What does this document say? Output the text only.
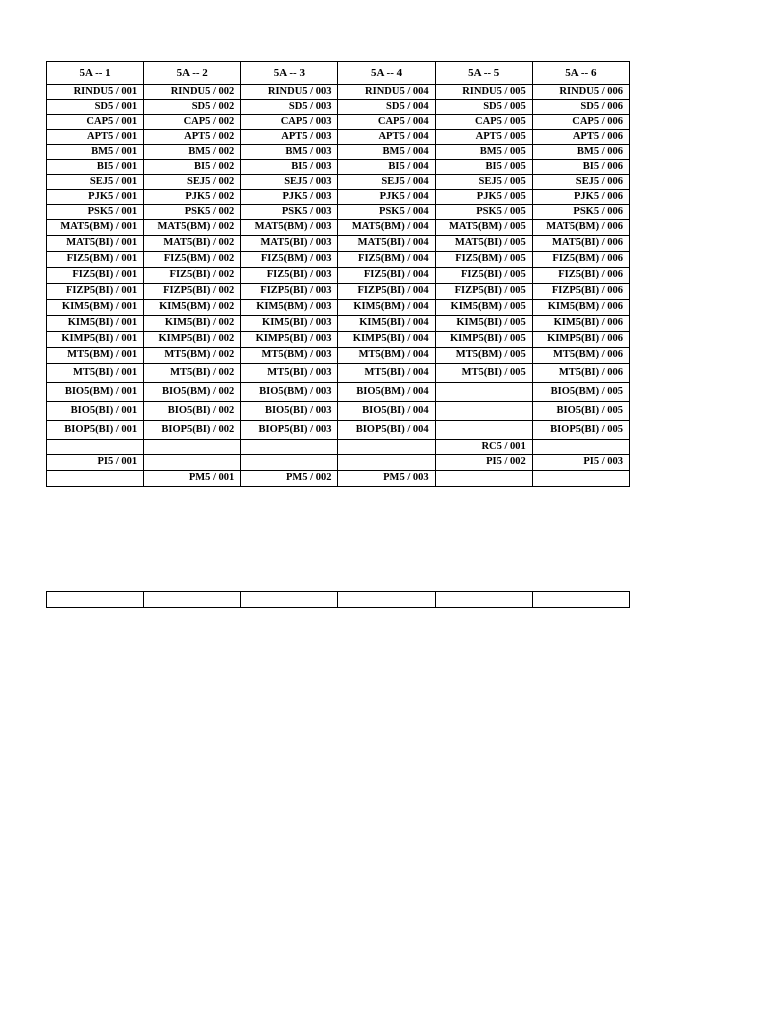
5A -- 1	5A -- 2	5A -- 3	5A -- 4	5A -- 5	5A -- 6
RINDU5 / 001	RINDU5 / 002	RINDU5 / 003	RINDU5 / 004	RINDU5 / 005	RINDU5 / 006
SD5 / 001	SD5 / 002	SD5 / 003	SD5 / 004	SD5 / 005	SD5 / 006
CAP5 / 001	CAP5 / 002	CAP5 / 003	CAP5 / 004	CAP5 / 005	CAP5 / 006
APT5 / 001	APT5 / 002	APT5 / 003	APT5 / 004	APT5 / 005	APT5 / 006
BM5 / 001	BM5 / 002	BM5 / 003	BM5 / 004	BM5 / 005	BM5 / 006
BI5 / 001	BI5 / 002	BI5 / 003	BI5 / 004	BI5 / 005	BI5 / 006
SEJ5 / 001	SEJ5 / 002	SEJ5 / 003	SEJ5 / 004	SEJ5 / 005	SEJ5 / 006
PJK5 / 001	PJK5 / 002	PJK5 / 003	PJK5 / 004	PJK5 / 005	PJK5 / 006
PSK5 / 001	PSK5 / 002	PSK5 / 003	PSK5 / 004	PSK5 / 005	PSK5 / 006
MAT5(BM) / 001	MAT5(BM) / 002	MAT5(BM) / 003	MAT5(BM) / 004	MAT5(BM) / 005	MAT5(BM) / 006
MAT5(BI) / 001	MAT5(BI) / 002	MAT5(BI) / 003	MAT5(BI) / 004	MAT5(BI) / 005	MAT5(BI) / 006
FIZ5(BM) / 001	FIZ5(BM) / 002	FIZ5(BM) / 003	FIZ5(BM) / 004	FIZ5(BM) / 005	FIZ5(BM) / 006
FIZ5(BI) / 001	FIZ5(BI) / 002	FIZ5(BI) / 003	FIZ5(BI) / 004	FIZ5(BI) / 005	FIZ5(BI) / 006
FIZP5(BI) / 001	FIZP5(BI) / 002	FIZP5(BI) / 003	FIZP5(BI) / 004	FIZP5(BI) / 005	FIZP5(BI) / 006
KIM5(BM) / 001	KIM5(BM) / 002	KIM5(BM) / 003	KIM5(BM) / 004	KIM5(BM) / 005	KIM5(BM) / 006
KIM5(BI) / 001	KIM5(BI) / 002	KIM5(BI) / 003	KIM5(BI) / 004	KIM5(BI) / 005	KIM5(BI) / 006
KIMP5(BI) / 001	KIMP5(BI) / 002	KIMP5(BI) / 003	KIMP5(BI) / 004	KIMP5(BI) / 005	KIMP5(BI) / 006
MT5(BM) / 001	MT5(BM) / 002	MT5(BM) / 003	MT5(BM) / 004	MT5(BM) / 005	MT5(BM) / 006
MT5(BI) / 001	MT5(BI) / 002	MT5(BI) / 003	MT5(BI) / 004	MT5(BI) / 005	MT5(BI) / 006
BIO5(BM) / 001	BIO5(BM) / 002	BIO5(BM) / 003	BIO5(BM) / 004		BIO5(BM) / 005
BIO5(BI) / 001	BIO5(BI) / 002	BIO5(BI) / 003	BIO5(BI) / 004		BIO5(BI) / 005
BIOP5(BI) / 001	BIOP5(BI) / 002	BIOP5(BI) / 003	BIOP5(BI) / 004		BIOP5(BI) / 005
				RC5 / 001	
PI5 / 001				PI5 / 002	PI5 / 003
	PM5 / 001	PM5 / 002	PM5 / 003		
